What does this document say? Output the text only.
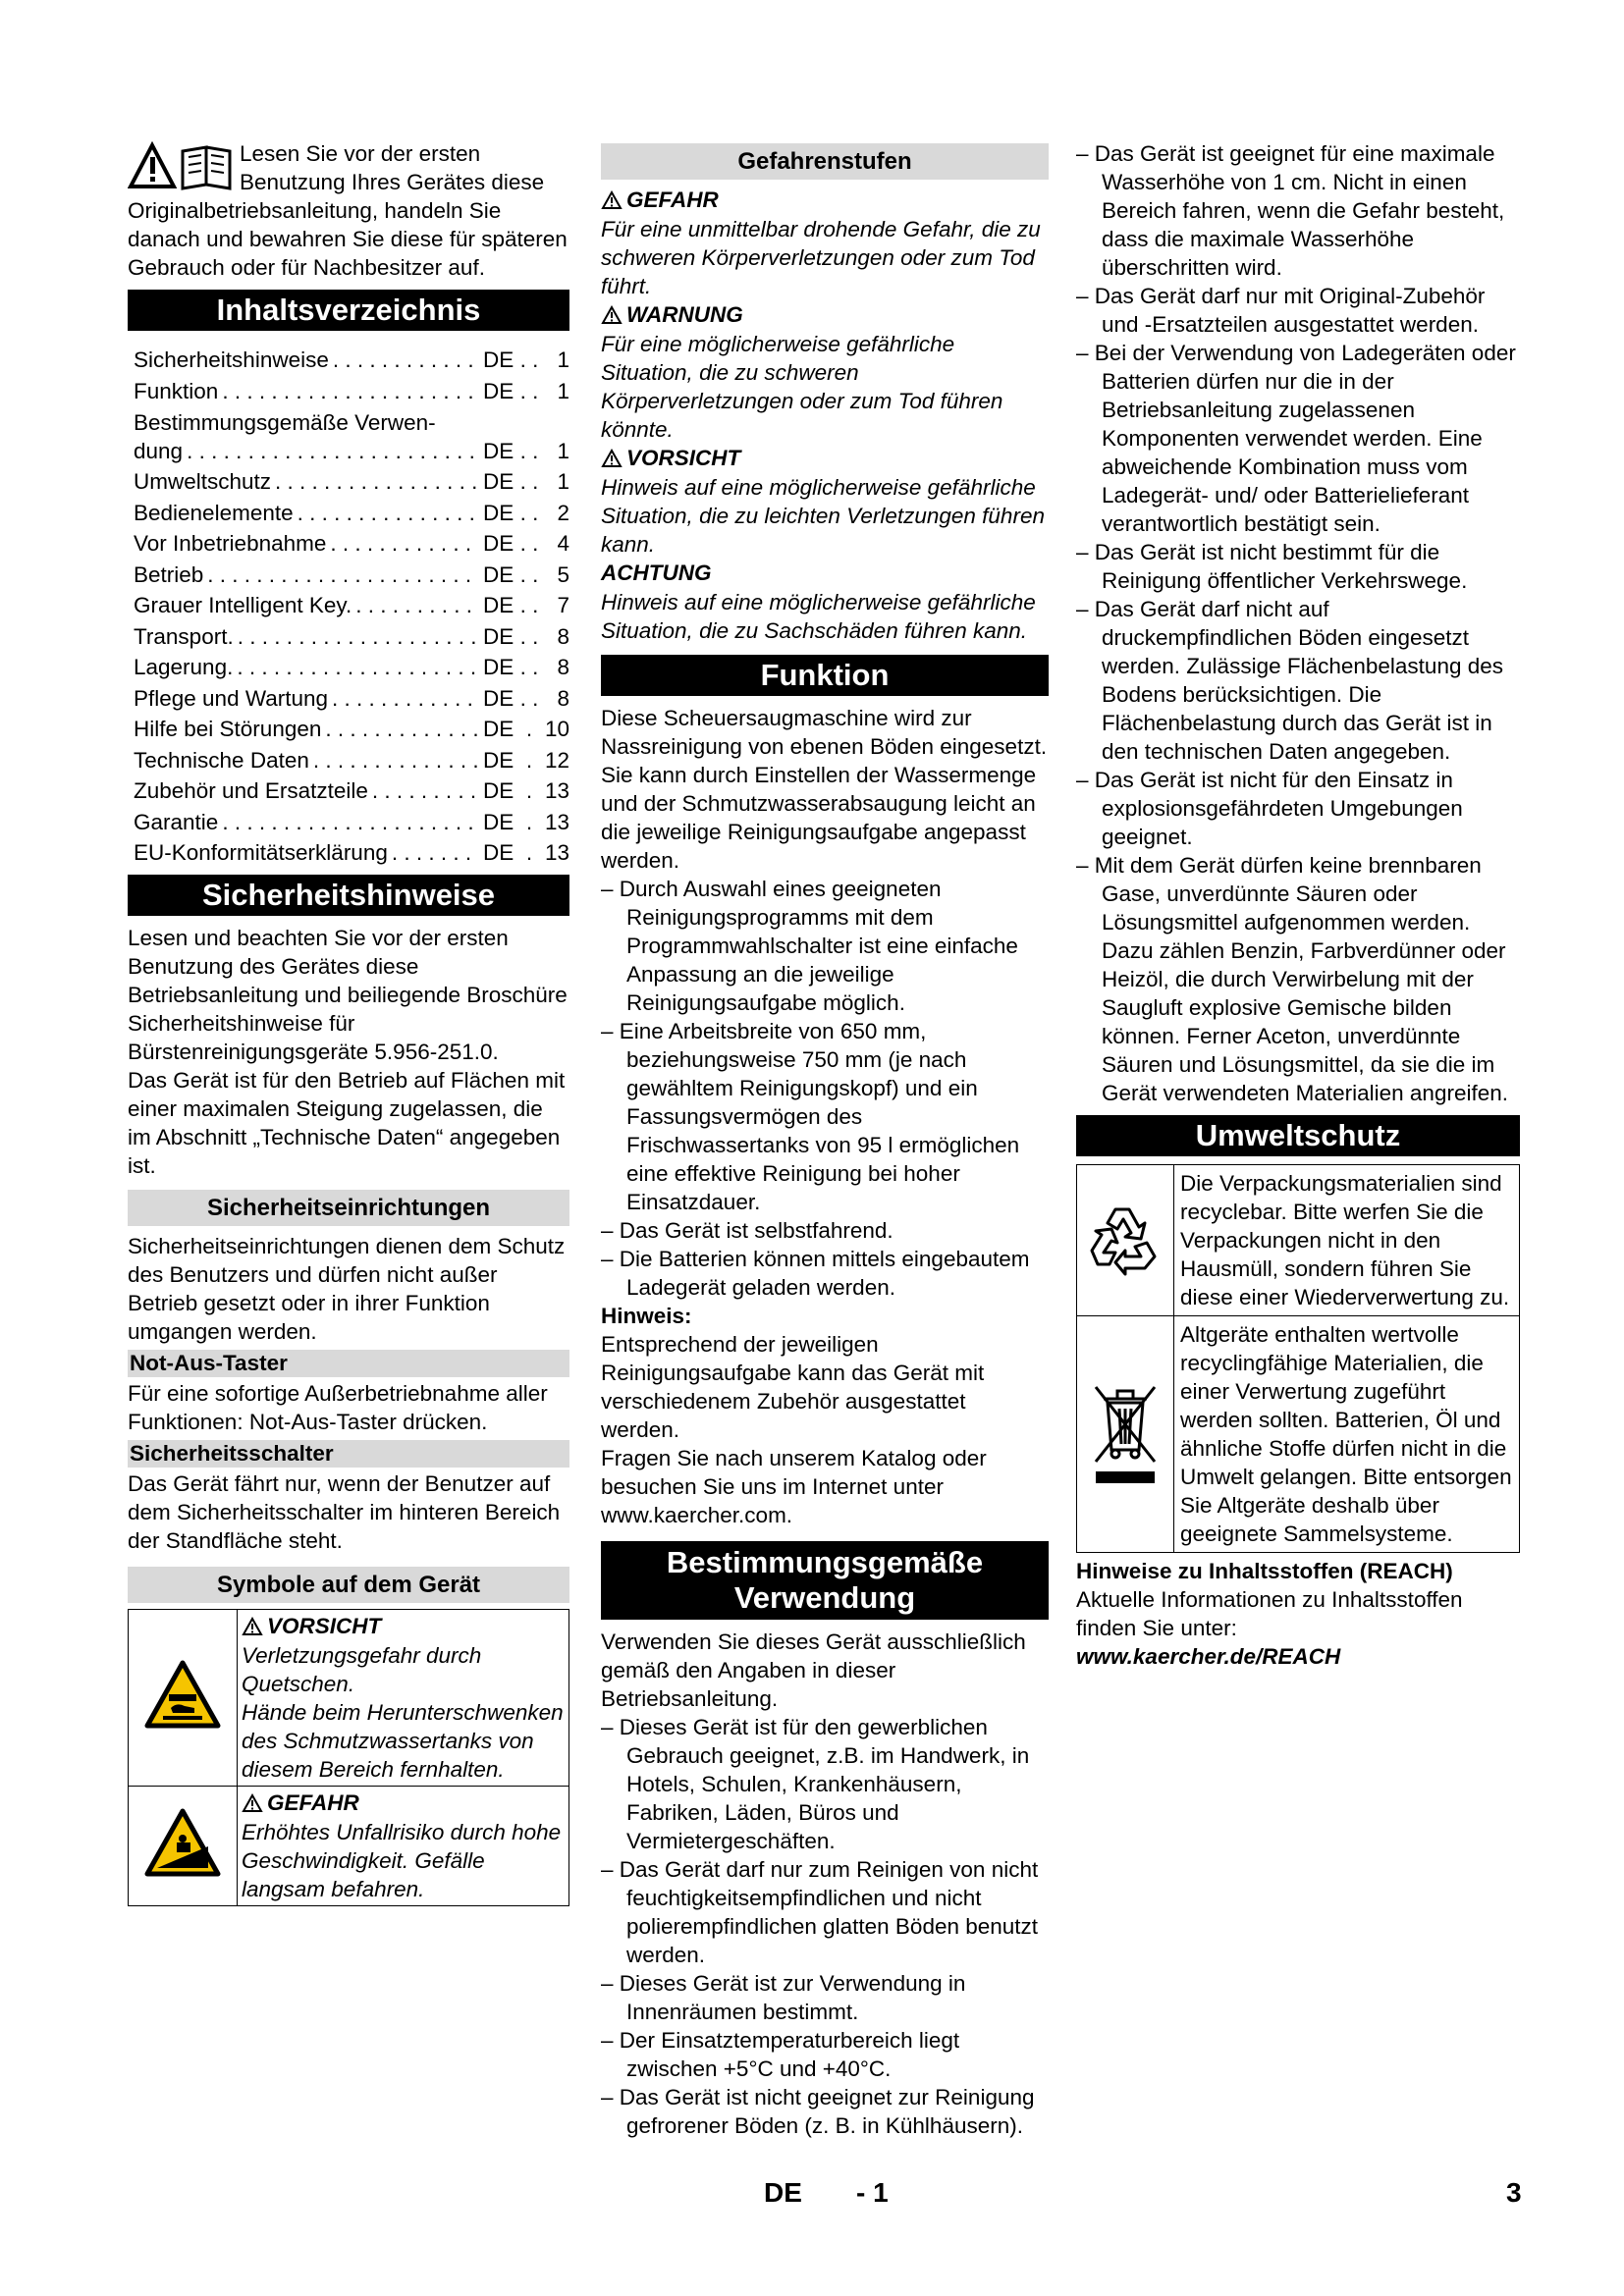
Lesen Sie vor der ersten Benutzung Ihres Gerätes diese Originalbetriebsanleitung, handeln Sie danach und bewahren Sie diese für späteren Gebrauch oder für Nachbesitzer auf.

Inhaltsverzeichnis
Sicherheitshinweise . . .	DE . . 1
Funktion . . .	DE . . 1
Bestimmungsgemäße Verwen-
dung . . .	DE . . 1
Umweltschutz . . .	DE . . 1
Bedienelemente . . .	DE . . 2
Vor Inbetriebnahme . . .	DE . . 4
Betrieb . . .	DE . . 5
Grauer Intelligent Key. . . .	DE . . 7
Transport. . . .	DE . . 8
Lagerung. . . .	DE . . 8
Pflege und Wartung . . .	DE . . 8
Hilfe bei Störungen . . .	DE . 10
Technische Daten . . .	DE . 12
Zubehör und Ersatzteile . . .	DE . 13
Garantie . . .	DE . 13
EU-Konformitätserklärung . . .	DE . 13
Sicherheitshinweise

Lesen und beachten Sie vor der ersten Benutzung des Gerätes diese Betriebsanleitung und beiliegende Broschüre Sicherheitshinweise für Bürstenreinigungsgeräte 5.956-251.0.

Das Gerät ist für den Betrieb auf Flächen mit einer maximalen Steigung zugelassen, die im Abschnitt „Technische Daten“ angegeben ist.

Sicherheitseinrichtungen

Sicherheitseinrichtungen dienen dem Schutz des Benutzers und dürfen nicht außer Betrieb gesetzt oder in ihrer Funktion umgangen werden.

Not-Aus-Taster

Für eine sofortige Außerbetriebnahme aller Funktionen: Not-Aus-Taster drücken.

Sicherheitsschalter

Das Gerät fährt nur, wenn der Benutzer auf dem Sicherheitsschalter im hinteren Bereich der Standfläche steht.

Symbole auf dem Gerät

VORSICHT

Verletzungsgefahr durch Quetschen.

Hände beim Herunterschwenken des Schmutzwassertanks von diesem Bereich fernhalten.

GEFAHR

Erhöhtes Unfallrisiko durch hohe Geschwindigkeit. Gefälle langsam befahren.

Gefahrenstufen
GEFAHR

Für eine unmittelbar drohende Gefahr, die zu schweren Körperverletzungen oder zum Tod führt.

WARNUNG

Für eine möglicherweise gefährliche Situation, die zu schweren Körperverletzungen oder zum Tod führen könnte.

VORSICHT

Hinweis auf eine möglicherweise gefährliche Situation, die zu leichten Verletzungen führen kann.

ACHTUNG

Hinweis auf eine möglicherweise gefährliche Situation, die zu Sachschäden führen kann.

Funktion

Diese Scheuersaugmaschine wird zur Nassreinigung von ebenen Böden eingesetzt.

Sie kann durch Einstellen der Wassermenge und der Schmutzwasserabsaugung leicht an die jeweilige Reinigungsaufgabe angepasst werden.

– Durch Auswahl eines geeigneten Reinigungsprogramms mit dem Programmwahlschalter ist eine einfache Anpassung an die jeweilige Reinigungsaufgabe möglich.

– Eine Arbeitsbreite von 650 mm, beziehungsweise 750 mm (je nach gewähltem Reinigungskopf) und ein Fassungsvermögen des Frischwassertanks von 95 l ermöglichen eine effektive Reinigung bei hoher Einsatzdauer.

– Das Gerät ist selbstfahrend.

– Die Batterien können mittels eingebautem Ladegerät geladen werden.

Hinweis:

Entsprechend der jeweiligen Reinigungsaufgabe kann das Gerät mit verschiedenem Zubehör ausgestattet werden.

Fragen Sie nach unserem Katalog oder besuchen Sie uns im Internet unter www.kaercher.com.

Bestimmungsgemäße
Verwendung

Verwenden Sie dieses Gerät ausschließlich gemäß den Angaben in dieser Betriebsanleitung.

– Dieses Gerät ist für den gewerblichen Gebrauch geeignet, z.B. im Handwerk, in Hotels, Schulen, Krankenhäusern, Fabriken, Läden, Büros und Vermietergeschäften.

– Das Gerät darf nur zum Reinigen von nicht feuchtigkeitsempfindlichen und nicht polierempfindlichen glatten Böden benutzt werden.

– Dieses Gerät ist zur Verwendung in Innenräumen bestimmt.

– Der Einsatztemperaturbereich liegt zwischen +5°C und +40°C.

– Das Gerät ist nicht geeignet zur Reinigung gefrorener Böden (z. B. in Kühlhäusern).

– Das Gerät ist geeignet für eine maximale Wasserhöhe von 1 cm. Nicht in einen Bereich fahren, wenn die Gefahr besteht, dass die maximale Wasserhöhe überschritten wird.

– Das Gerät darf nur mit Original-Zubehör und -Ersatzteilen ausgestattet werden.

– Bei der Verwendung von Ladegeräten oder Batterien dürfen nur die in der Betriebsanleitung zugelassenen Komponenten verwendet werden. Eine abweichende Kombination muss vom Ladegerät- und/ oder Batterielieferant verantwortlich bestätigt sein.

– Das Gerät ist nicht bestimmt für die Reinigung öffentlicher Verkehrswege.

– Das Gerät darf nicht auf druckempfindlichen Böden eingesetzt werden. Zulässige Flächenbelastung des Bodens berücksichtigen. Die Flächenbelastung durch das Gerät ist in den technischen Daten angegeben.

– Das Gerät ist nicht für den Einsatz in explosionsgefährdeten Umgebungen geeignet.

– Mit dem Gerät dürfen keine brennbaren Gase, unverdünnte Säuren oder Lösungsmittel aufgenommen werden. Dazu zählen Benzin, Farbverdünner oder Heizöl, die durch Verwirbelung mit der Saugluft explosive Gemische bilden können. Ferner Aceton, unverdünnte Säuren und Lösungsmittel, da sie die im Gerät verwendeten Materialien angreifen.

Umweltschutz
	Die Verpackungsmaterialien sind recyclebar. Bitte werfen Sie die Verpackungen nicht in den Hausmüll, sondern führen Sie diese einer Wiederverwertung zu.
	Altgeräte enthalten wertvolle recyclingfähige Materialien, die einer Verwertung zugeführt werden sollten. Batterien, Öl und ähnliche Stoffe dürfen nicht in die Umwelt gelangen. Bitte entsorgen Sie Altgeräte deshalb über geeignete Sammelsysteme.

Hinweise zu Inhaltsstoffen (REACH)

Aktuelle Informationen zu Inhaltsstoffen finden Sie unter:

www.kaercher.de/REACH

DE - 1	3
